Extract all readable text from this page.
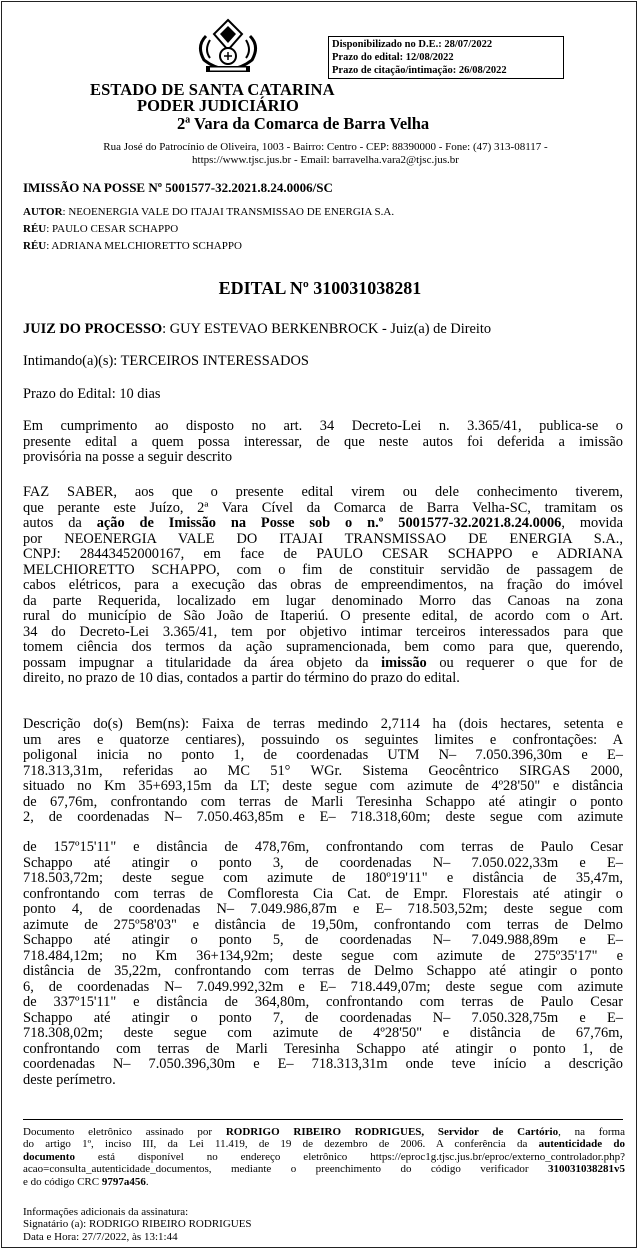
Disponibilizado no D.E.: 28/07/2022
Prazo do edital: 12/08/2022
Prazo de citação/intimação: 26/08/2022
ESTADO DE SANTA CATARINA
PODER JUDICIÁRIO
2ª Vara da Comarca de Barra Velha
Rua José do Patrocínio de Oliveira, 1003 - Bairro: Centro - CEP: 88390000 - Fone: (47) 313-08117 -
https://www.tjsc.jus.br - Email: barravelha.vara2@tjsc.jus.br
IMISSÃO NA POSSE Nº 5001577-32.2021.8.24.0006/SC
AUTOR: NEOENERGIA VALE DO ITAJAI TRANSMISSAO DE ENERGIA S.A.
RÉU: PAULO CESAR SCHAPPO
RÉU: ADRIANA MELCHIORETTO SCHAPPO
EDITAL Nº 310031038281
JUIZ DO PROCESSO: GUY ESTEVAO BERKENBROCK - Juiz(a) de Direito
Intimando(a)(s): TERCEIROS INTERESSADOS
Prazo do Edital: 10 dias
Em cumprimento ao disposto no art. 34 Decreto-Lei n. 3.365/41, publica-se o
presente edital a quem possa interessar, de que neste autos foi deferida a imissão
provisória na posse a seguir descrito
FAZ SABER, aos que o presente edital virem ou dele conhecimento tiverem,
que perante este Juízo, 2ª Vara Cível da Comarca de Barra Velha-SC, tramitam os
autos da ação de Imissão na Posse sob o n.º 5001577-32.2021.8.24.0006, movida
por NEOENERGIA VALE DO ITAJAI TRANSMISSAO DE ENERGIA S.A.,
CNPJ: 28443452000167, em face de PAULO CESAR SCHAPPO e ADRIANA
MELCHIORETTO SCHAPPO, com o fim de constituir servidão de passagem de
cabos elétricos, para a execução das obras de empreendimentos, na fração do imóvel
da parte Requerida, localizado em lugar denominado Morro das Canoas na zona
rural do município de São João de Itaperiú. O presente edital, de acordo com o Art.
34 do Decreto-Lei 3.365/41, tem por objetivo intimar terceiros interessados para que
tomem ciência dos termos da ação supramencionada, bem como para que, querendo,
possam impugnar a titularidade da área objeto da imissão ou requerer o que for de
direito, no prazo de 10 dias, contados a partir do término do prazo do edital.
Descrição do(s) Bem(ns): Faixa de terras medindo 2,7114 ha (dois hectares, setenta e
um ares e quatorze centiares), possuindo os seguintes limites e confrontações: A
poligonal inicia no ponto 1, de coordenadas UTM N– 7.050.396,30m e E–
718.313,31m, referidas ao MC 51° WGr. Sistema Geocêntrico SIRGAS 2000,
situado no Km 35+693,15m da LT; deste segue com azimute de 4º28'50" e distância
de 67,76m, confrontando com terras de Marli Teresinha Schappo até atingir o ponto
2, de coordenadas N– 7.050.463,85m e E– 718.318,60m; deste segue com azimute
de 157º15'11" e distância de 478,76m, confrontando com terras de Paulo Cesar
Schappo até atingir o ponto 3, de coordenadas N– 7.050.022,33m e E–
718.503,72m; deste segue com azimute de 180º19'11" e distância de 35,47m,
confrontando com terras de Comfloresta Cia Cat. de Empr. Florestais até atingir o
ponto 4, de coordenadas N– 7.049.986,87m e E– 718.503,52m; deste segue com
azimute de 275º58'03" e distância de 19,50m, confrontando com terras de Delmo
Schappo até atingir o ponto 5, de coordenadas N– 7.049.988,89m e E–
718.484,12m; no Km 36+134,92m; deste segue com azimute de 275º35'17" e
distância de 35,22m, confrontando com terras de Delmo Schappo até atingir o ponto
6, de coordenadas N– 7.049.992,32m e E– 718.449,07m; deste segue com azimute
de 337º15'11" e distância de 364,80m, confrontando com terras de Paulo Cesar
Schappo até atingir o ponto 7, de coordenadas N– 7.050.328,75m e E–
718.308,02m; deste segue com azimute de 4º28'50" e distância de 67,76m,
confrontando com terras de Marli Teresinha Schappo até atingir o ponto 1, de
coordenadas N– 7.050.396,30m e E– 718.313,31m onde teve início a descrição
deste perímetro.
Documento eletrônico assinado por RODRIGO RIBEIRO RODRIGUES, Servidor de Cartório, na forma
do artigo 1º, inciso III, da Lei 11.419, de 19 de dezembro de 2006. A conferência da autenticidade do
documento está disponível no endereço eletrônico https://eproc1g.tjsc.jus.br/eproc/externo_controlador.php?
acao=consulta_autenticidade_documentos, mediante o preenchimento do código verificador 310031038281v5
e do código CRC 9797a456.
Informações adicionais da assinatura:
Signatário (a): RODRIGO RIBEIRO RODRIGUES
Data e Hora: 27/7/2022, às 13:1:44
